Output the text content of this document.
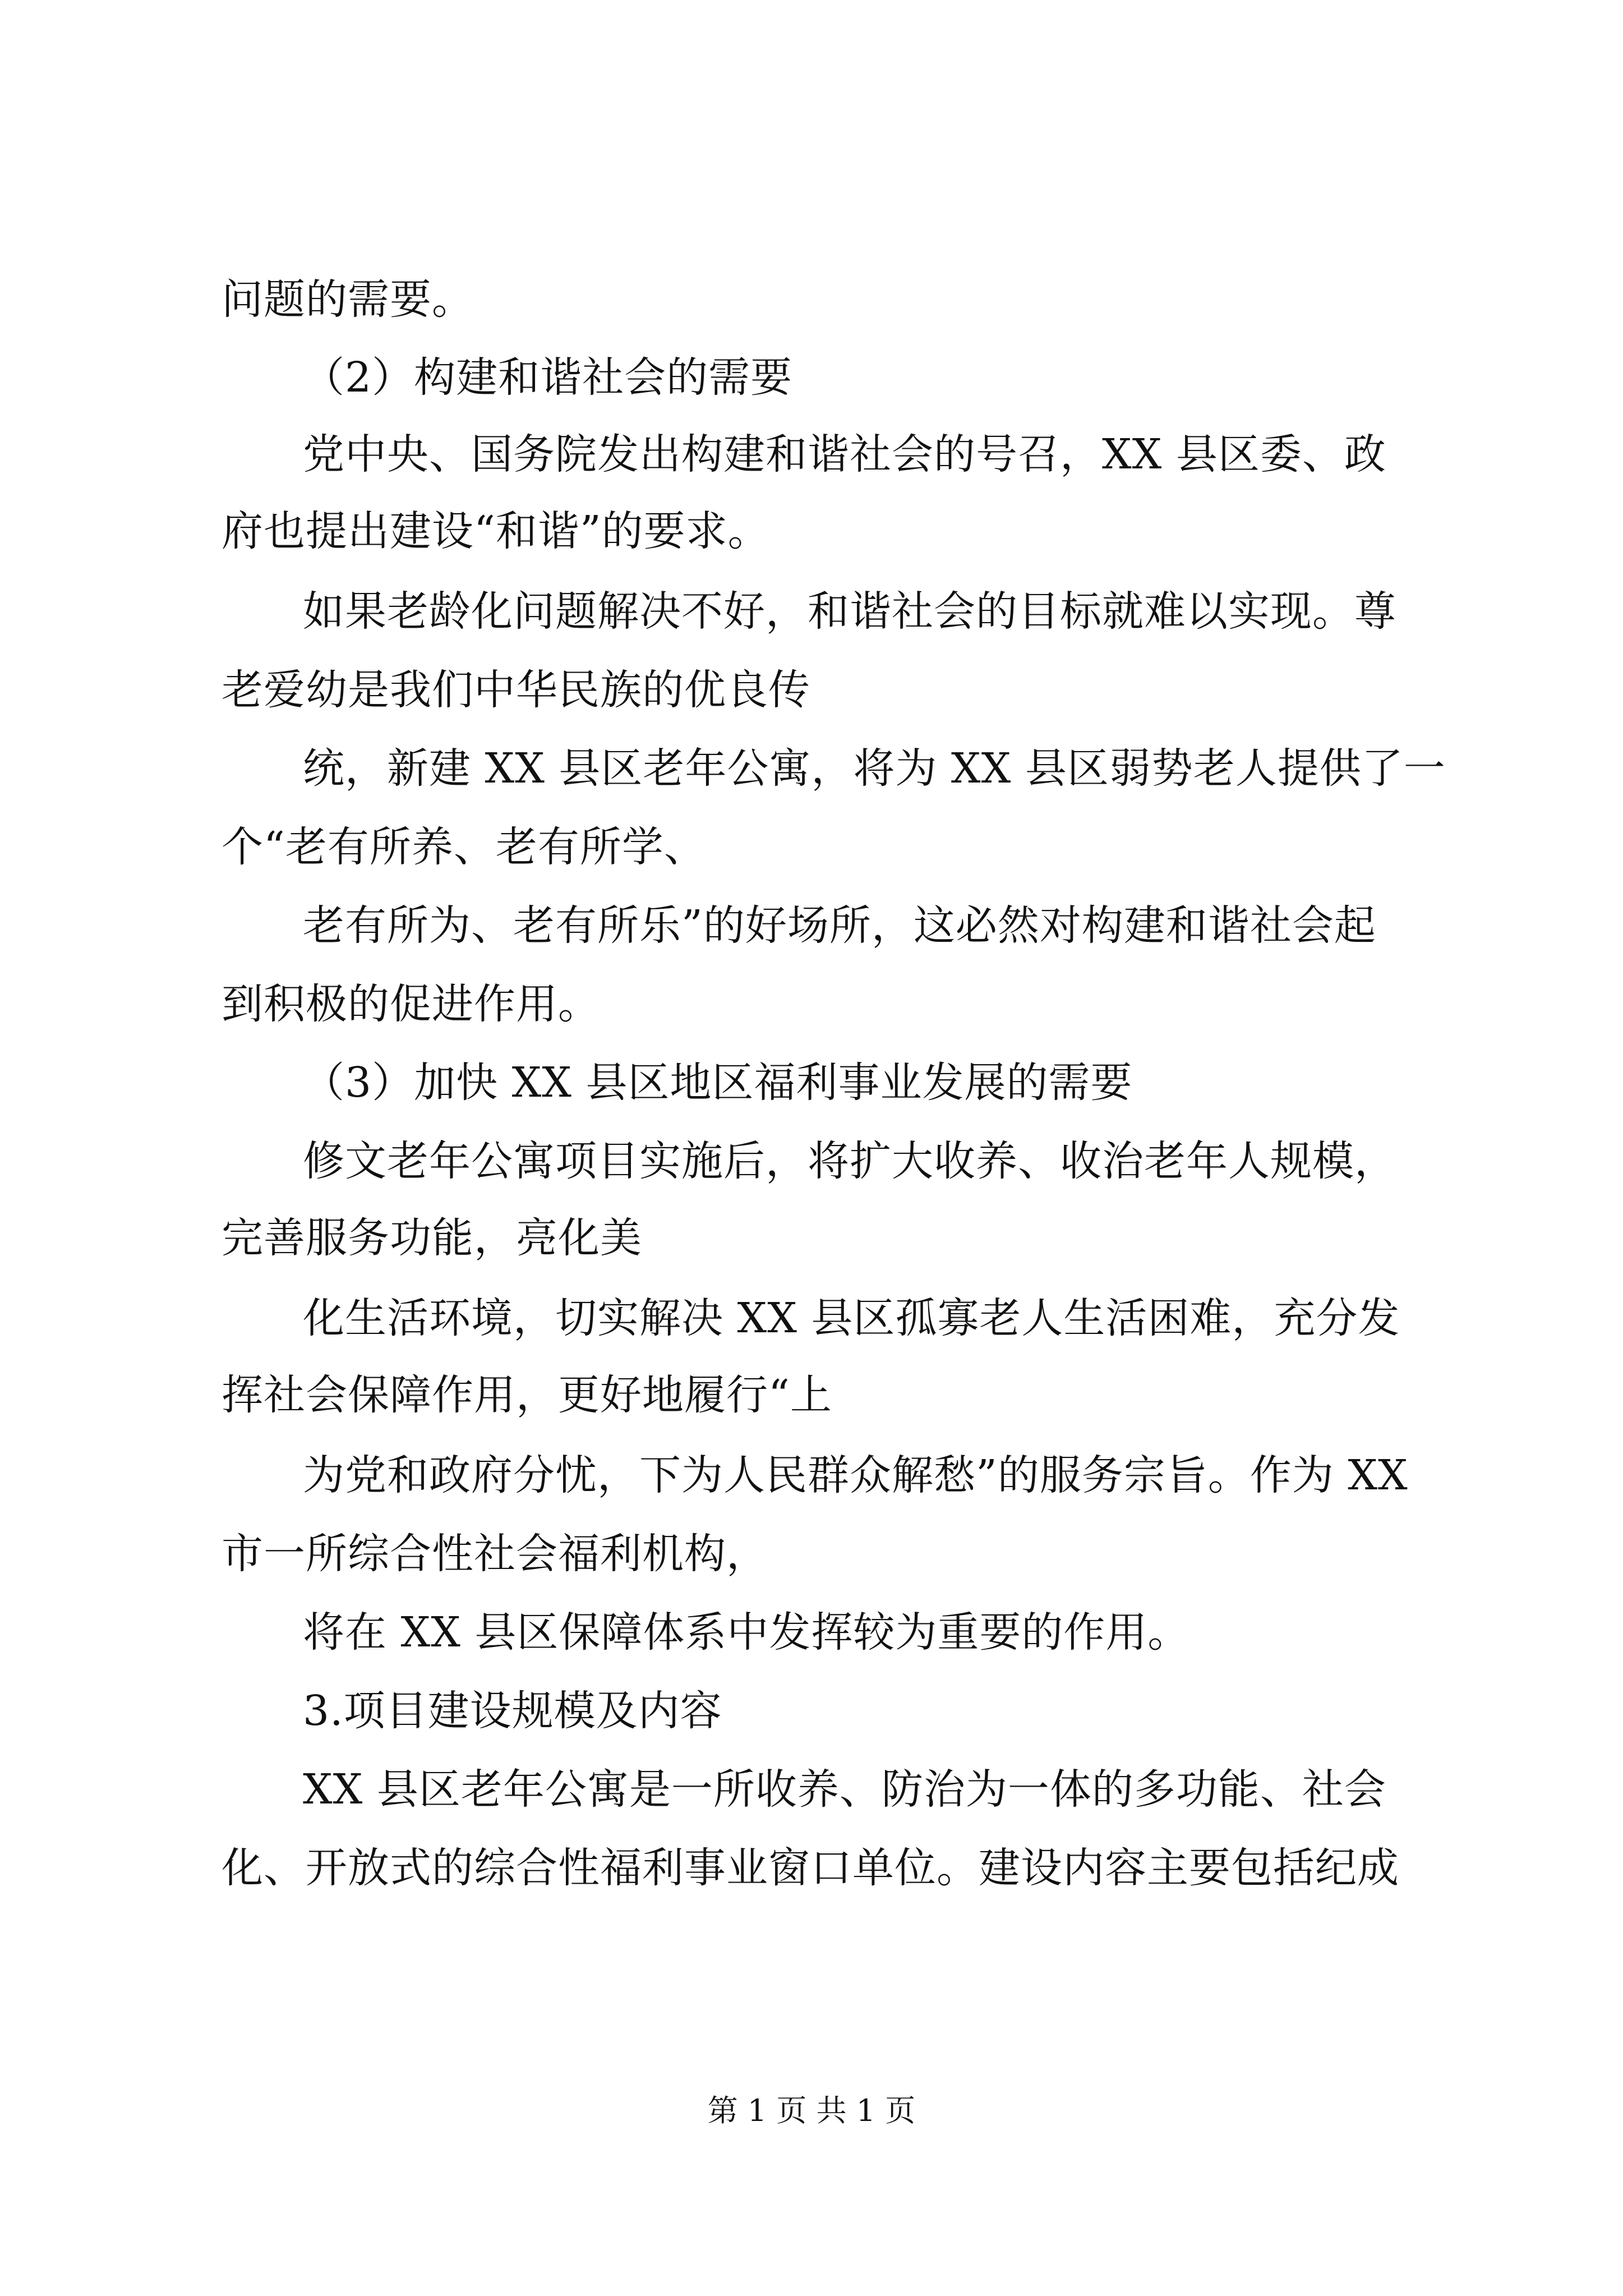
问题的需要。
（2）构建和谐社会的需要
党中央、国务院发出构建和谐社会的号召，XX 县区委、政
府也提出建设“和谐”的要求。
如果老龄化问题解决不好，和谐社会的目标就难以实现。尊
老爱幼是我们中华民族的优良传
统，新建 XX 县区老年公寓，将为 XX 县区弱势老人提供了一
个“老有所养、老有所学、
老有所为、老有所乐”的好场所，这必然对构建和谐社会起
到积极的促进作用。
（3）加快 XX 县区地区福利事业发展的需要
修文老年公寓项目实施后，将扩大收养、收治老年人规模，
完善服务功能，亮化美
化生活环境，切实解决 XX 县区孤寡老人生活困难，充分发
挥社会保障作用，更好地履行“上
为党和政府分忧，下为人民群众解愁”的服务宗旨。作为 XX
市一所综合性社会福利机构，
将在 XX 县区保障体系中发挥较为重要的作用。
3.项目建设规模及内容
XX 县区老年公寓是一所收养、防治为一体的多功能、社会
化、开放式的综合性福利事业窗口单位。建设内容主要包括纪成
第 1 页 共 1 页
